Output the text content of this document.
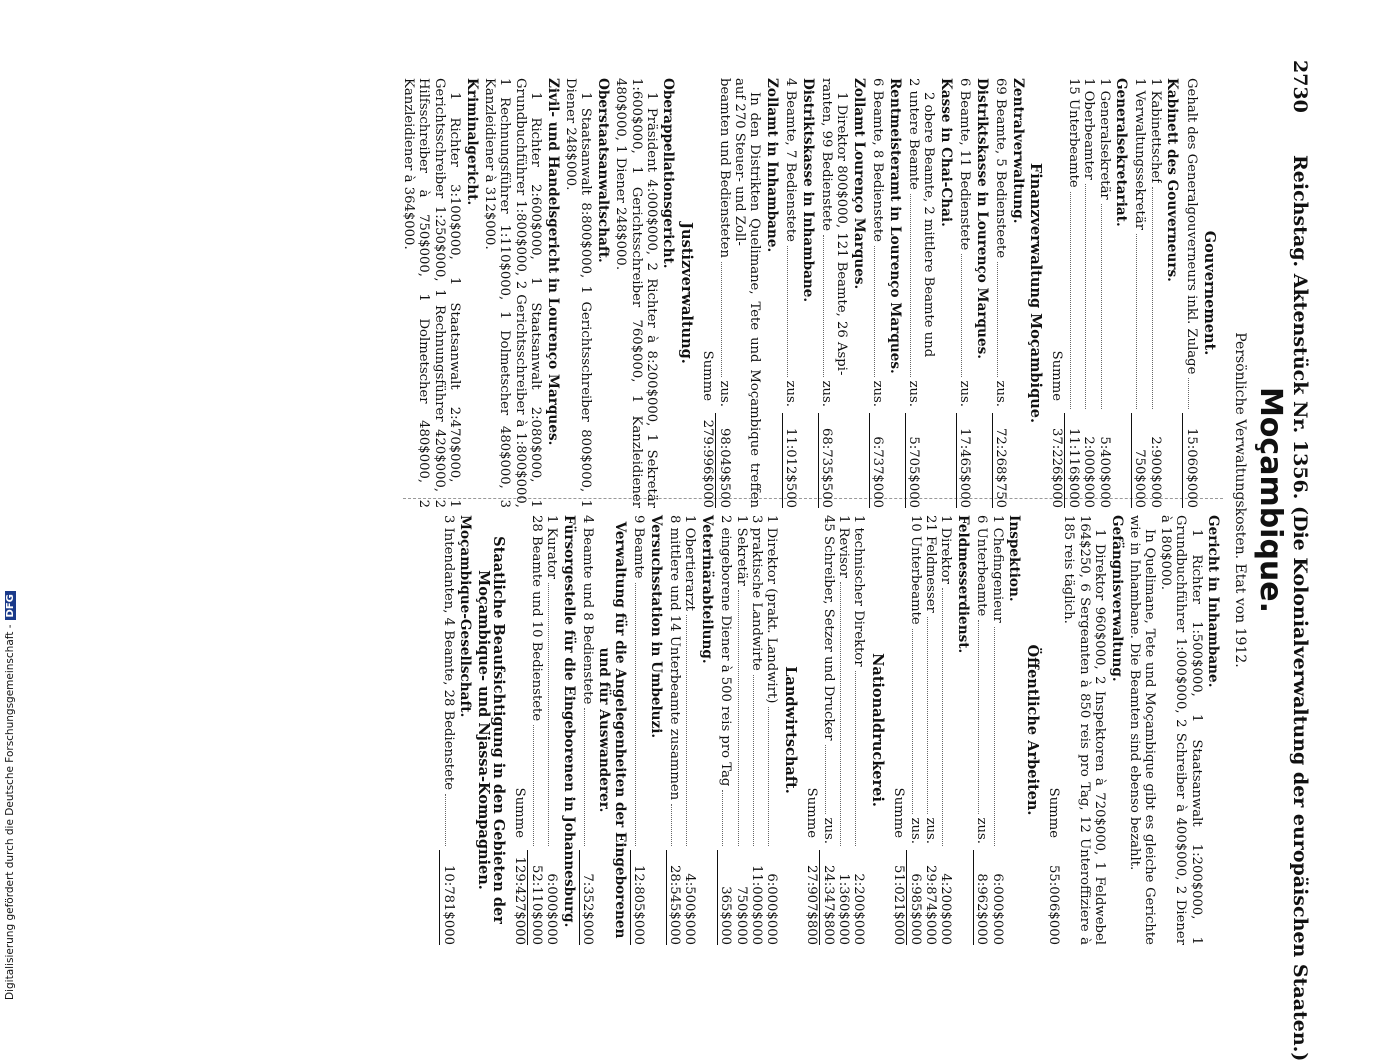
2730
Reichstag. Aktenstück Nr. 1356. (Die Kolonialverwaltung der europäischen Staaten.)
Moçambique.
Persönliche Verwaltungskosten. Etat von 1912.
Gouvernement.
Gehalt des Generalgouverneurs inkl. Zulage
15:060$000
Kabinett des Gouverneurs.
1 Kabinettschef
2:900$000
1 Verwaltungssekretär
750$000
Generalsekretariat.
1 Generalsekretär
5:400$000
1 Oberbeamter
2:000$000
15 Unterbeamte
11:116$000
Summe
37:226$000
Finanzverwaltung Moçambique.
Zentralverwaltung.
69 Beamte, 5 Bediensteete
zus.
72:268$750
Distriktskasse in Lourenço Marques.
6 Beamte, 11 Bedienstete
zus.
17:465$000
Kasse in Chai-Chai.
2 obere Beamte, 2 mittlere Beamte und
2 untere Beamte
zus.
5:705$000
Rentmeisteramt in Lourenço Marques.
6 Beamte, 8 Bedienstete
zus.
6:737$000
Zollamt Lourenço Marques.
1 Direktor 800$000, 121 Beamte, 26 Aspi-
ranten, 99 Bedienstete
zus.
68:735$500
Distriktskasse in Inhambane.
4 Beamte, 7 Bedienstete
zus.
11:012$500
Zollamt in Inhambane.
In den Distrikten Quelimane, Tete und Moçambique treffen auf 270 Steuer- und Zoll-
beamten und Bediensteten
zus.
98:049$500
Summe
279:996$000
Justizverwaltung.
Oberappellationsgericht.
1 Präsident 4:000$000, 2 Richter à 8:200$000, 1 Sekretär 1:600$000, 1 Gerichtsschreiber 760$000, 1 Kanzleidiener 480$000, 1 Diener 248$000.
Oberstaatsanwaltschaft.
1 Staatsanwalt 8:800$000, 1 Gerichtsschreiber 800$000, 1 Diener 248$000.
Zivil- und Handelsgericht in Lourenço Marques.
1 Richter 2:600$000, 1 Staatsanwalt 2:080$000, 1 Grundbuchführer 1:800$000, 2 Gerichtsschreiber à 1:800$000, 1 Rechnungsführer 1:110$000, 1 Dolmetscher 480$000, 3 Kanzleidiener à 312$000.
Kriminalgericht.
1 Richter 3:100$000, 1 Staatsanwalt 2:470$000, 1 Gerichtsschreiber 1:250$000, 1 Rechnungsführer 420$000, 2 Hilfsschreiber à 750$000, 1 Dolmetscher 480$000, 2 Kanzleidiener à 364$000.
Gericht in Inhambane.
1 Richter 1:500$000, 1 Staatsanwalt 1:200$000, 1 Grundbuchführer 1:000$000, 2 Schreiber à 400$000, 2 Diener à 180$000.
In Quelimane, Tete und Moçambique gibt es gleiche Gerichte wie in Inhambane. Die Beamten sind ebenso bezahlt.
Gefängnisverwaltung.
1 Direktor 960$000, 2 Inspektoren à 720$000, 1 Feldwebel 164$250, 6 Sergeanten à 850 reis pro Tag, 12 Unteroffiziere à 185 reis täglich.
Summe
55:006$000
Öffentliche Arbeiten.
Inspektion.
1 Chefingenieur
6:000$000
6 Unterbeamte
zus.
8:962$000
Feldmesserdienst.
1 Direktor
4:200$000
21 Feldmesser
zus.
29:874$000
10 Unterbeamte
zus.
6:985$000
Summe
51:021$000
Nationaldruckerei.
1 technischer Direktor
2:200$000
1 Revisor
1:360$000
45 Schreiber, Setzer und Drucker
zus.
24:347$800
Summe
27:907$800
Landwirtschaft.
1 Direktor (prakt. Landwirt)
6:000$000
3 praktische Landwirte
11:000$000
1 Sekretär
750$000
2 eingeborene Diener à 500 reis pro Tag
365$000
Veterinärabteilung.
1 Obertierarzt
4:500$000
8 mittlere und 14 Unterbeamte zusammen
28:545$000
Versuchsstation in Umbeluzi.
9 Beamte
12:805$000
Verwaltung für die Angelegenheiten der Eingeborenen und für Auswanderer.
4 Beamte und 8 Bedienstete
7:352$000
Fürsorgestelle für die Eingeborenen in Johannesburg.
1 Kurator
6:000$000
28 Beamte und 10 Bedienstete
52:110$000
Summe
129:427$000
Staatliche Beaufsichtigung in den Gebieten der Moçambique- und Njassa-Kompagnien.
Moçambique-Gesellschaft.
3 Intendanten, 4 Beamte, 28 Bedienstete
10:781$000
Digitalisierung gefördert durch die Deutsche Forschungsgemeinschaft -DFG
